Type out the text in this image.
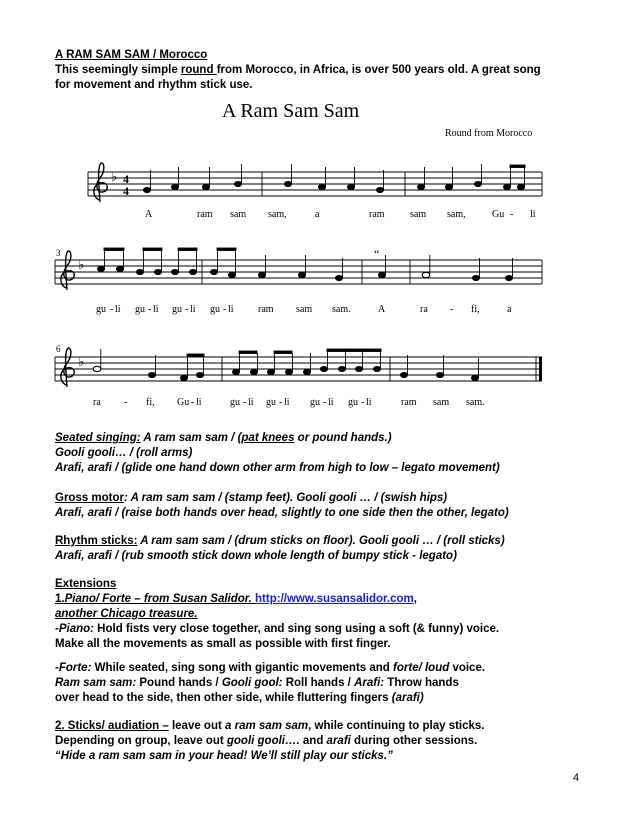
A RAM SAM SAM / Morocco
This seemingly simple round from Morocco, in Africa, is over 500 years old. A great song
for movement and rhythm stick use.
A Ram Sam Sam
Round from Morocco
♭
♭
♭
4
4
3
6
“
A	ram sam sam,	a	ram	sam sam,	Gu - li
gu - li gu - li gu - li gu - li ram sam sam.	A	ra - fi,	a
ra - fi, Gu - li	gu - li gu - li gu - li gu - li	ram sam sam.
Seated singing: A ram sam sam / (pat knees or pound hands.)
Gooli gooli… / (roll arms)
Arafi, arafi / (glide one hand down other arm from high to low – legato movement)
Gross motor: A ram sam sam / (stamp feet). Gooli gooli … / (swish hips)
Arafi, arafi / (raise both hands over head, slightly to one side then the other, legato)
Rhythm sticks: A ram sam sam / (drum sticks on floor). Gooli gooli … / (roll sticks)
Arafi, arafi / (rub smooth stick down whole length of bumpy stick - legato)
Extensions
1.Piano/ Forte – from Susan Salidor. http://www.susansalidor.com,
another Chicago treasure.
-Piano: Hold fists very close together, and sing song using a soft (& funny) voice.
Make all the movements as small as possible with first finger.
-Forte: While seated, sing song with gigantic movements and forte/ loud voice.
Ram sam sam: Pound hands / Gooli gool: Roll hands / Arafi: Throw hands
over head to the side, then other side, while fluttering fingers (arafi)
2. Sticks/ audiation – leave out a ram sam sam, while continuing to play sticks.
Depending on group, leave out gooli gooli…. and arafi during other sessions.
“Hide a ram sam sam in your head! We’ll still play our sticks.”
4
